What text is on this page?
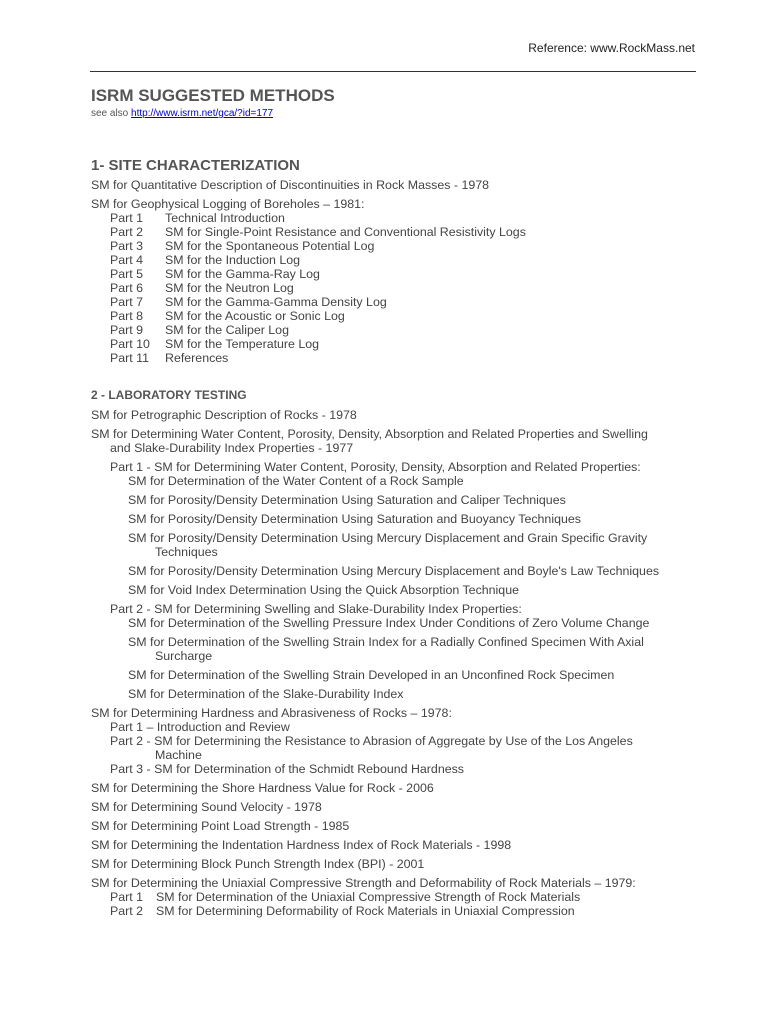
Reference: www.RockMass.net
ISRM SUGGESTED METHODS
see also http://www.isrm.net/gca/?id=177
1- SITE CHARACTERIZATION
SM for Quantitative Description of Discontinuities in Rock Masses - 1978
SM for Geophysical Logging of Boreholes – 1981:
Part 1 Technical Introduction
Part 2 SM for Single-Point Resistance and Conventional Resistivity Logs
Part 3 SM for the Spontaneous Potential Log
Part 4 SM for the Induction Log
Part 5 SM for the Gamma-Ray Log
Part 6 SM for the Neutron Log
Part 7 SM for the Gamma-Gamma Density Log
Part 8 SM for the Acoustic or Sonic Log
Part 9 SM for the Caliper Log
Part 10 SM for the Temperature Log
Part 11 References
2 - LABORATORY TESTING
SM for Petrographic Description of Rocks - 1978
SM for Determining Water Content, Porosity, Density, Absorption and Related Properties and Swelling
and Slake-Durability Index Properties - 1977
Part 1 - SM for Determining Water Content, Porosity, Density, Absorption and Related Properties:
SM for Determination of the Water Content of a Rock Sample
SM for Porosity/Density Determination Using Saturation and Caliper Techniques
SM for Porosity/Density Determination Using Saturation and Buoyancy Techniques
SM for Porosity/Density Determination Using Mercury Displacement and Grain Specific Gravity
Techniques
SM for Porosity/Density Determination Using Mercury Displacement and Boyle's Law Techniques
SM for Void Index Determination Using the Quick Absorption Technique
Part 2 - SM for Determining Swelling and Slake-Durability Index Properties:
SM for Determination of the Swelling Pressure Index Under Conditions of Zero Volume Change
SM for Determination of the Swelling Strain Index for a Radially Confined Specimen With Axial
Surcharge
SM for Determination of the Swelling Strain Developed in an Unconfined Rock Specimen
SM for Determination of the Slake-Durability Index
SM for Determining Hardness and Abrasiveness of Rocks – 1978:
Part 1 – Introduction and Review
Part 2 - SM for Determining the Resistance to Abrasion of Aggregate by Use of the Los Angeles
Machine
Part 3 - SM for Determination of the Schmidt Rebound Hardness
SM for Determining the Shore Hardness Value for Rock - 2006
SM for Determining Sound Velocity - 1978
SM for Determining Point Load Strength - 1985
SM for Determining the Indentation Hardness Index of Rock Materials - 1998
SM for Determining Block Punch Strength Index (BPI) - 2001
SM for Determining the Uniaxial Compressive Strength and Deformability of Rock Materials – 1979:
Part 1 SM for Determination of the Uniaxial Compressive Strength of Rock Materials
Part 2 SM for Determining Deformability of Rock Materials in Uniaxial Compression
